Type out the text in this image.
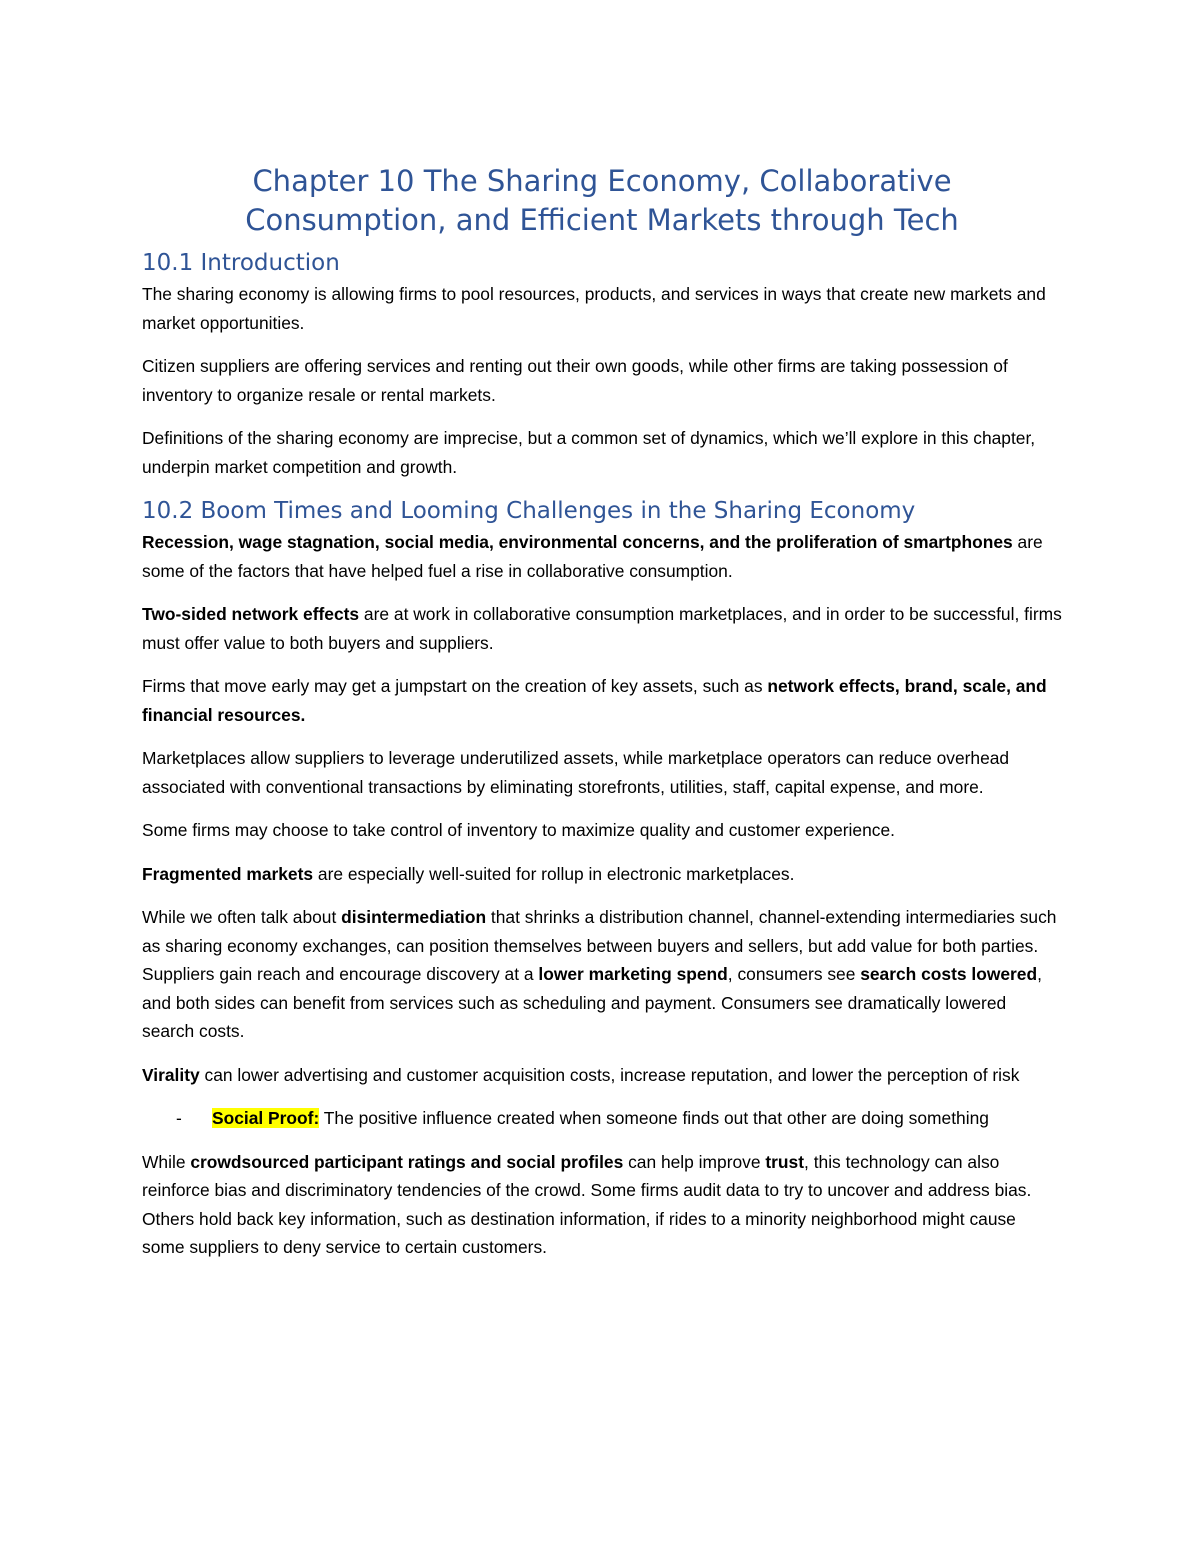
Chapter 10 The Sharing Economy, Collaborative
Consumption, and Efficient Markets through Tech
10.1 Introduction

The sharing economy is allowing firms to pool resources, products, and services in ways that create new markets and market opportunities.

Citizen suppliers are offering services and renting out their own goods, while other firms are taking possession of inventory to organize resale or rental markets.

Definitions of the sharing economy are imprecise, but a common set of dynamics, which we’ll explore in this chapter, underpin market competition and growth.

10.2 Boom Times and Looming Challenges in the Sharing Economy

Recession, wage stagnation, social media, environmental concerns, and the proliferation of smartphones are some of the factors that have helped fuel a rise in collaborative consumption.

Two-sided network effects are at work in collaborative consumption marketplaces, and in order to be successful, firms must offer value to both buyers and suppliers.

Firms that move early may get a jumpstart on the creation of key assets, such as network effects, brand, scale, and financial resources.

Marketplaces allow suppliers to leverage underutilized assets, while marketplace operators can reduce overhead associated with conventional transactions by eliminating storefronts, utilities, staff, capital expense, and more.

Some firms may choose to take control of inventory to maximize quality and customer experience.

Fragmented markets are especially well-suited for rollup in electronic marketplaces.

While we often talk about disintermediation that shrinks a distribution channel, channel-extending intermediaries such as sharing economy exchanges, can position themselves between buyers and sellers, but add value for both parties. Suppliers gain reach and encourage discovery at a lower marketing spend, consumers see search costs lowered, and both sides can benefit from services such as scheduling and payment. Consumers see dramatically lowered search costs.

Virality can lower advertising and customer acquisition costs, increase reputation, and lower the perception of risk

-	Social Proof: The positive influence created when someone finds out that other are doing something

While crowdsourced participant ratings and social profiles can help improve trust, this technology can also reinforce bias and discriminatory tendencies of the crowd. Some firms audit data to try to uncover and address bias. Others hold back key information, such as destination information, if rides to a minority neighborhood might cause some suppliers to deny service to certain customers.
